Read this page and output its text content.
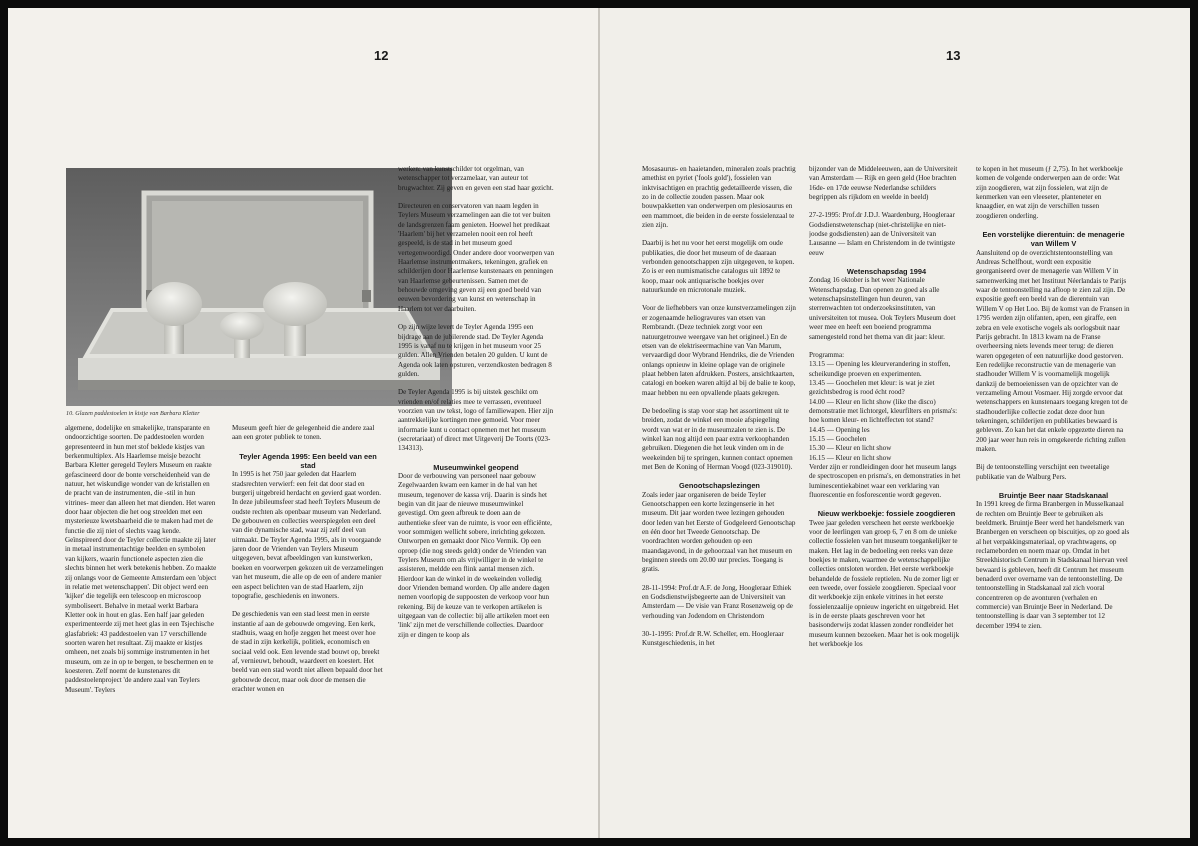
12
10. Glazen paddestoelen in kistje van Barbara Kletter

algemene, dodelijke en smakelijke, transparante en ondoorzichtige soorten. De paddestoelen worden gepresenteerd in hun met stof beklede kistjes van berkenmultiplex. Als Haarlemse meisje bezocht Barbara Kletter geregeld Teylers Museum en raakte gefascineerd door de bonte verscheidenheid van de natuur, het wiskundige wonder van de kristallen en de pracht van de instrumenten, die -stil in hun vitrines- meer dan alleen het mat dienden. Het waren door haar objecten die het oog streelden met een mysterieuze kwetsbaarheid die te maken had met de functie die zij niet of slechts vaag kende. Geïnspireerd door de Teyler collectie maakte zij later in metaal instrumentachtige beelden en symbolen van kijkers, waarin functionele aspecten zien die slechts binnen het werk betekenis hebben. Zo maakte zij onlangs voor de Gemeente Amsterdam een 'object in relatie met wetenschappen'. Dit object werd een 'kijker' die tegelijk een telescoop en microscoop symboliseert. Behalve in metaal werkt Barbara Kletter ook in hout en glas. Een half jaar geleden experimenteerde zij met heet glas in een Tsjechische glasfabriek: 43 paddestoelen van 17 verschillende soorten waren het resultaat. Zij maakte er kistjes omheen, net zoals bij sommige instrumenten in het museum, om ze in op te bergen, te beschermen en te koesteren. Zelf noemt de kunstenares dit paddestoelenproject 'de andere zaal van Teylers Museum'. Teylers

Museum geeft hier de gelegenheid die andere zaal aan een groter publiek te tonen.

Teyler Agenda 1995: Een beeld van een stad

In 1995 is het 750 jaar geleden dat Haarlem stadsrechten verwierf: een feit dat door stad en burgerij uitgebreid herdacht en gevierd gaat worden. In deze jubileumsfeer stad heeft Teylers Museum de oudste rechten als openbaar museum van Nederland. De gebouwen en collecties weerspiegelen een deel van die dynamische stad, waar zij zelf deel van uitmaakt. De Teyler Agenda 1995, als in voorgaande jaren door de Vrienden van Teylers Museum uitgegeven, bevat afbeeldingen van kunstwerken, boeken en voorwerpen gekozen uit de verzamelingen van het museum, die alle op de een of andere manier een aspect belichten van de stad Haarlem, zijn topografie, geschiedenis en inwoners.

De geschiedenis van een stad leest men in eerste instantie af aan de gebouwde omgeving. Een kerk, stadhuis, waag en hofje zeggen het meest over hoe de stad in zijn kerkelijk, politiek, economisch en sociaal veld ook. Een levende stad bouwt op, breekt af, vernieuwt, behoudt, waardeert en koestert. Het beeld van een stad wordt niet alleen bepaald door het gebouwde decor, maar ook door de mensen die erachter wonen en

werken: van kunstschilder tot orgelman, van wetenschapper tot verzamelaar, van auteur tot brugwachter. Zij geven en geven een stad haar gezicht.

Directeuren en conservatoren van naam legden in Teylers Museum verzamelingen aan die tot ver buiten de landsgrenzen faam genieten. Hoewel het predikaat 'Haarlem' bij het verzamelen nooit een rol heeft gespeeld, is de stad in het museum goed vertegenwoordigd. Onder andere door voorwerpen van Haarlemse instrumentmakers, tekeningen, grafiek en schilderijen door Haarlemse kunstenaars en penningen van Haarlemse gebeurtenissen. Samen met de behouwde omgeving geven zij een goed beeld van eeuwen bevordering van kunst en wetenschap in Haarlem tot ver daarbuiten.

Op zijn wijze levert de Teyler Agenda 1995 een bijdrage aan de jubilerende stad. De Teyler Agenda 1995 is vanaf nu te krijgen in het museum voor 25 gulden. Allen Vrienden betalen 20 gulden. U kunt de Agenda ook laten opsturen, verzendkosten bedragen 8 gulden.

De Teyler Agenda 1995 is bij uitstek geschikt om vrienden en/of relaties mee te verrassen, eventueel voorzien van uw tekst, logo of familiewapen. Hier zijn aantrekkelijke kortingen mee gemoeid. Voor meer informatie kunt u contact opnemen met het museum (secretariaat) of direct met Uitgeverij De Toorts (023-134313).

Museumwinkel geopend

Door de verbouwing van personeel naar gebouw Zegelwaarden kwam een kamer in de hal van het museum, tegenover de kassa vrij. Daarin is sinds het begin van dit jaar de nieuwe museumwinkel gevestigd. Om geen afbreuk te doen aan de authentieke sfeer van de ruimte, is voor een efficiënte, voor sommigen wellicht sobere, inrichting gekozen. Ontworpen en gemaakt door Nico Vermik. Op een oproep (die nog steeds geldt) onder de Vrienden van Teylers Museum om als vrijwilliger in de winkel te assisteren, meldde een flink aantal mensen zich. Hierdoor kan de winkel in de weekeinden volledig door Vrienden bemand worden. Op alle andere dagen nemen voorlopig de suppoosten de verkoop voor hun rekening. Bij de keuze van te verkopen artikelen is uitgegaan van de collectie: bij alle artikelen moet een 'link' zijn met de verschillende collecties. Daardoor zijn er dingen te koop als

13

Mosasaurus- en haaietanden, mineralen zoals prachtig amethist en pyriet ('fools gold'), fossielen van inktvisachtigen en prachtig gedetailleerde vissen, die zo in de collectie zouden passen. Maar ook bouwpakketten van onderwerpen om plesiosaurus en een mammoet, die beiden in de eerste fossielenzaal te zien zijn.

Daarbij is het nu voor het eerst mogelijk om oude publikaties, die door het museum of de daaraan verbonden genootschappen zijn uitgegeven, te kopen. Zo is er een numismatische catalogus uit 1892 te koop, maar ook antiquarische boekjes over natuurkunde en microtonale muziek.

Voor de liefhebbers van onze kunstverzamelingen zijn er zogenaamde heliogravures van etsen van Rembrandt. (Deze techniek zorgt voor een natuurgetrouwe weergave van het origineel.) En de etsen van de elektriseermachine van Van Marum, vervaardigd door Wybrand Hendriks, die de Vrienden onlangs opnieuw in kleine oplage van de originele plaat hebben laten afdrukken. Posters, ansichtkaarten, catalogi en boeken waren altijd al bij de balie te koop, maar hebben nu een opvallende plaats gekregen.

De bedoeling is stap voor stap het assortiment uit te breiden, zodat de winkel een mooie afspiegeling wordt van wat er in de museumzalen te zien is. De winkel kan nog altijd een paar extra verkoophanden gebruiken. Diegenen die het leuk vinden om in de weekeinden bij te springen, kunnen contact opnemen met Ben de Koning of Herman Voogd (023-319010).

Genootschapslezingen

Zoals ieder jaar organiseren de beide Teyler Genootschappen een korte lezingenserie in het museum. Dit jaar worden twee lezingen gehouden door leden van het Eerste of Godgeleerd Genootschap en één door het Tweede Genootschap. De voordrachten worden gehouden op een maandagavond, in de gehoorzaal van het museum en beginnen steeds om 20.00 uur precies. Toegang is gratis.

28-11-1994: Prof.dr A.F. de Jong, Hoogleraar Ethiek en Godsdienstwijsbegeerte aan de Universiteit van Amsterdam — De visie van Franz Rosenzweig op de verhouding van Jodendom en Christendom

30-1-1995: Prof.dr R.W. Scheller, em. Hoogleraar Kunstgeschiedenis, in het

bijzonder van de Middeleeuwen, aan de Universiteit van Amsterdam — Rijk en geen geld (Hoe brachten 16de- en 17de eeuwse Nederlandse schilders begrippen als rijkdom en weelde in beeld)

27-2-1995: Prof.dr J.D.J. Waardenburg, Hoogleraar Godsdienstwetenschap (niet-christelijke en niet-joodse godsdiensten) aan de Universiteit van Lausanne — Islam en Christendom in de twintigste eeuw

Wetenschapsdag 1994

Zondag 16 oktober is het weer Nationale Wetenschapsdag. Dan openen zo goed als alle wetenschapsinstellingen hun deuren, van sterrenwachten tot onderzoeksinstituten, van universiteiten tot musea. Ook Teylers Museum doet weer mee en heeft een boeiend programma samengesteld rond het thema van dit jaar: kleur.

Programma:
13.15 — Opening les kleurverandering in stoffen, scheikundige proeven en experimenten.
13.45 — Goochelen met kleur: is wat je ziet gezichtsbedrog is rood écht rood?
14.00 — Kleur en licht show (like the disco) demonstratie met lichtorgel, kleurfilters en prisma's: hoe komen kleur- en lichteffecten tot stand?
14.45 — Opening les
15.15 — Goochelen
15.30 — Kleur en licht show
16.15 — Kleur en licht show
Verder zijn er rondleidingen door het museum langs de spectroscopen en prisma's, en demonstraties in het luminescentiekabinet waar een verklaring van fluorescentie en fosforescentie wordt gegeven.

Nieuw werkboekje: fossiele zoogdieren

Twee jaar geleden verscheen het eerste werkboekje voor de leerlingen van groep 6, 7 en 8 om de unieke collectie fossielen van het museum toegankelijker te maken. Het lag in de bedoeling een reeks van deze boekjes te maken, waarmee de wetenschappelijke collecties ontsloten worden. Het eerste werkboekje behandelde de fossiele reptielen. Nu de zomer ligt er een tweede, over fossiele zoogdieren. Speciaal voor dit werkboekje zijn enkele vitrines in het eerste fossielenzaalije opnieuw ingericht en uitgebreid. Het is in de eerste plaats geschreven voor het basisonderwijs zodat klassen zonder rondleider het museum kunnen bezoeken. Maar het is ook mogelijk het werkboekje los

te kopen in het museum (ƒ 2,75). In het werkboekje komen de volgende onderwerpen aan de orde: Wat zijn zoogdieren, wat zijn fossielen, wat zijn de kenmerken van een vleeseter, planteneter en knaagdier, en wat zijn de verschillen tussen zoogdieren onderling.

Een vorstelijke dierentuin: de menagerie van Willem V

Aansluitend op de overzichtstentoonstelling van Andreas Schelfhout, wordt een expositie georganiseerd over de menagerie van Willem V in samenwerking met het Instituut Néerlandais te Parijs waar de tentoonstelling na afloop te zien zal zijn. De expositie geeft een beeld van de dierentuin van Willem V op Het Loo. Bij de komst van de Fransen in 1795 werden zijn olifanten, apen, een giraffe, een zebra en vele exotische vogels als oorlogsbuit naar Parijs gebracht. In 1813 kwam na de Franse overheersing niets levends meer terug: de dieren waren opgegeten of een natuurlijke dood gestorven. Een redelijke reconstructie van de menagerie van stadhouder Willem V is voornamelijk mogelijk dankzij de bemoeienissen van de opzichter van de verzameling Arnout Vosmaer. Hij zorgde ervoor dat wetenschappers en kunstenaars toegang kregen tot de stadhouderlijke collectie zodat deze door hun tekeningen, schilderijen en publikaties bewaard is gebleven. Zo kan het dat enkele opgezette dieren na 200 jaar weer hun reis in omgekeerde richting zullen maken.

Bij de tentoonstelling verschijnt een tweetalige publikatie van de Walburg Pers.

Bruintje Beer naar Stadskanaal

In 1991 kreeg de firma Branbergen in Musselkanaal de rechten om Bruintje Beer te gebruiken als beeldmerk. Bruintje Beer werd het handelsmerk van Branbergen en verscheen op biscuitjes, op zo goed als al het verpakkingsmateriaal, op vrachtwagens, op reclameborden en noem maar op. Omdat in het Streekhistorisch Centrum in Stadskanaal hiervan veel bewaard is gebleven, heeft dit Centrum het museum benaderd over overname van de tentoonstelling. De tentoonstelling in Stadskanaal zal zich vooral concentreren op de avonturen (verhalen en commercie) van Bruintje Beer in Nederland. De tentoonstelling is daar van 3 september tot 12 december 1994 te zien.
